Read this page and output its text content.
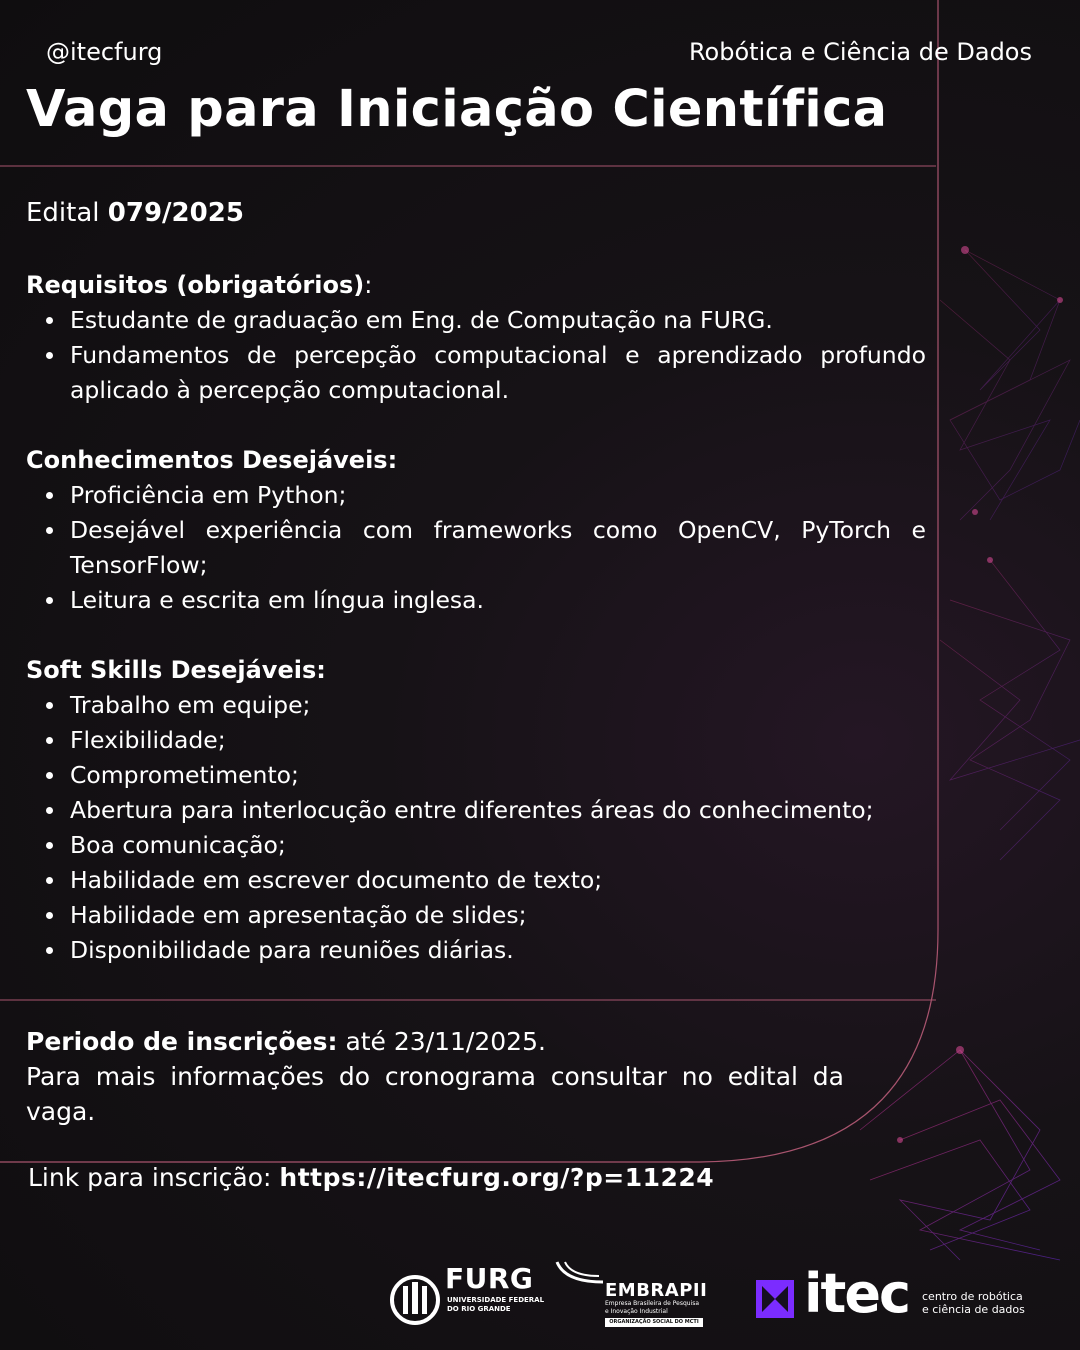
@itecfurg	Robótica e Ciência de Dados
Vaga para Iniciação Científica
Edital 079/2025
Requisitos (obrigatórios):
Estudante de graduação em Eng. de Computação na FURG.
Fundamentos de percepção computacional e aprendizado profundo aplicado à percepção computacional.
Conhecimentos Desejáveis:
Proficiência em Python;
Desejável experiência com frameworks como OpenCV, PyTorch e TensorFlow;
Leitura e escrita em língua inglesa.
Soft Skills Desejáveis:
Trabalho em equipe;
Flexibilidade;
Comprometimento;
Abertura para interlocução entre diferentes áreas do conhecimento;
Boa comunicação;
Habilidade em escrever documento de texto;
Habilidade em apresentação de slides;
Disponibilidade para reuniões diárias.
Periodo de inscrições: até 23/11/2025.
Para mais informações do cronograma consultar no edital da vaga.
Link para inscrição: https://itecfurg.org/?p=11224
FURG
UNIVERSIDADE FEDERAL
DO RIO GRANDE
EMBRAPII
Empresa Brasileira de Pesquisa
e Inovação Industrial
ORGANIZAÇÃO SOCIAL DO MCTI itec centro de robótica
e ciência de dados
